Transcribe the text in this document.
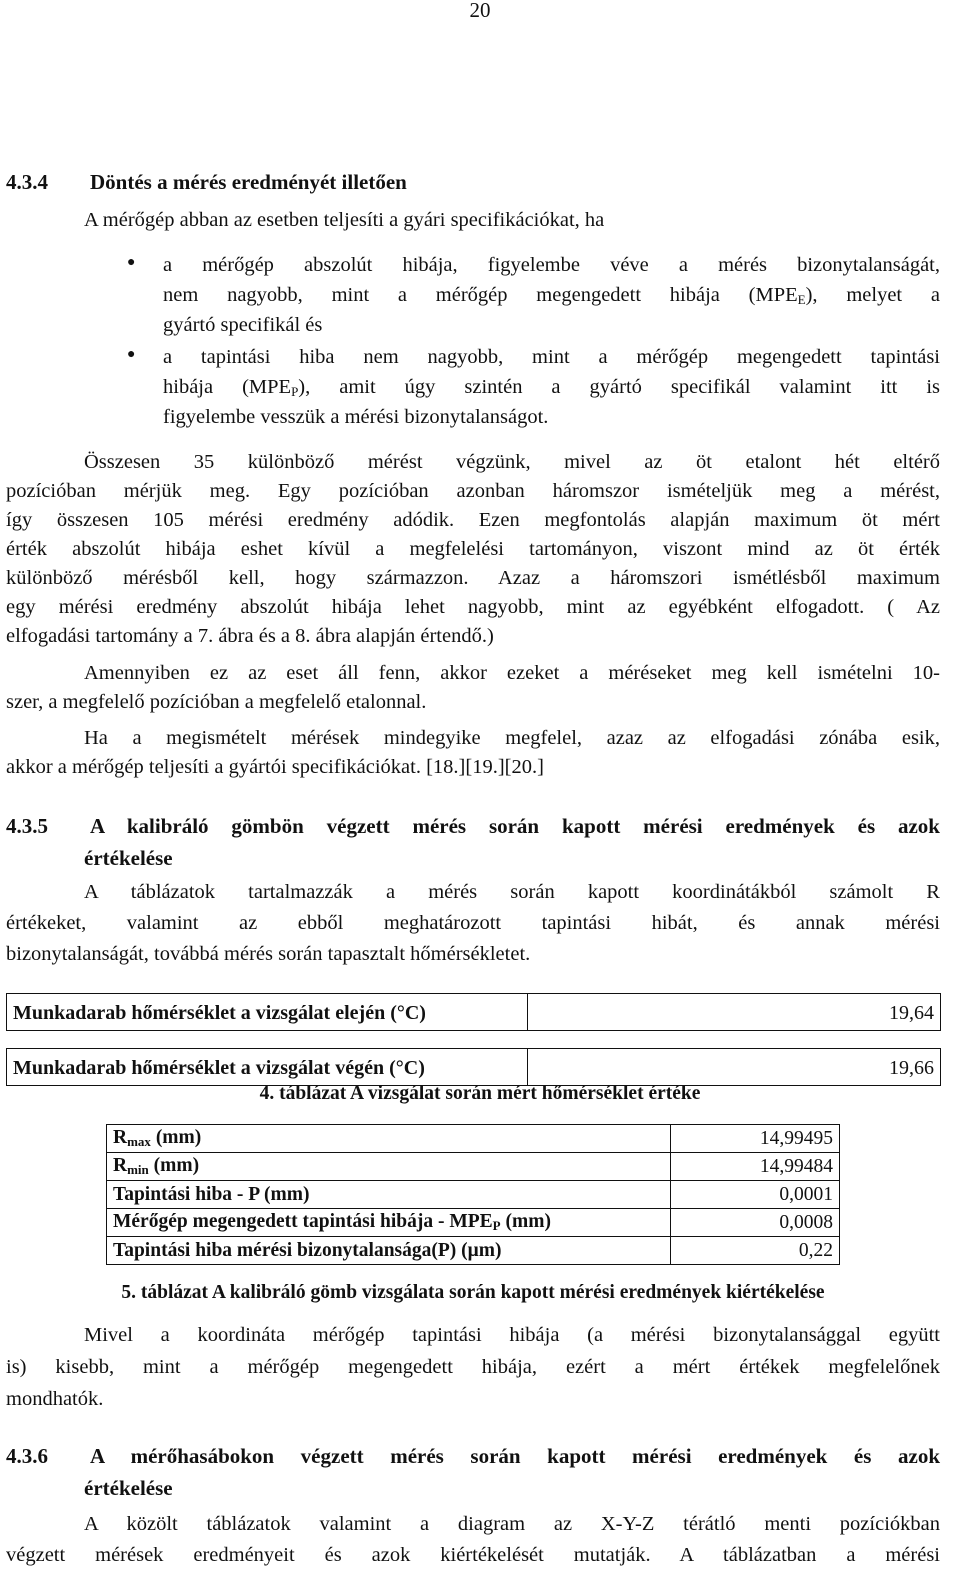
20
4.3.4 Döntés a mérés eredményét illetően
A mérőgép abban az esetben teljesíti a gyári specifikációkat, ha
● a mérőgép abszolút hibája, figyelembe véve a mérés bizonytalanságát,
nem nagyobb, mint a mérőgép megengedett hibája $(MPE_E)$, melyet a
gyártó specifikál és
● a tapintási hiba nem nagyobb, mint a mérőgép megengedett tapintási
hibája $(MPE_P)$, amit úgy szintén a gyártó specifikál valamint itt is
figyelembe vesszük a mérési bizonytalanságot.
Összesen 35 különböző mérést végzünk, mivel az öt etalont hét eltérő
pozícióban mérjük meg. Egy pozícióban azonban háromszor ismételjük meg a mérést,
így összesen 105 mérési eredmény adódik. Ezen megfontolás alapján maximum öt mért
érték abszolút hibája eshet kívül a megfelelési tartományon, viszont mind az öt érték
különböző mérésből kell, hogy származzon. Azaz a háromszori ismétlésből maximum
egy mérési eredmény abszolút hibája lehet nagyobb, mint az egyébként elfogadott. ( Az
elfogadási tartomány a 7. ábra és a 8. ábra alapján értendő.)
Amennyiben ez az eset áll fenn, akkor ezeket a méréseket meg kell ismételni 10-
szer, a megfelelő pozícióban a megfelelő etalonnal.
Ha a megismételt mérések mindegyike megfelel, azaz az elfogadási zónába esik,
akkor a mérőgép teljesíti a gyártói specifikációkat. [18.][19.][20.]
4.3.5 A kalibráló gömbön végzett mérés során kapott mérési eredmények és azok
értékelése
A táblázatok tartalmazzák a mérés során kapott koordinátákból számolt R
értékeket, valamint az ebből meghatározott tapintási hibát, és annak mérési
bizonytalanságát, továbbá mérés során tapasztalt hőmérsékletet.
Munkadarab hőmérséklet a vizsgálat elején (°C)	19,64
Munkadarab hőmérséklet a vizsgálat végén (°C)	19,66
4. táblázat A vizsgálat során mért hőmérséklet értéke
$R_{max}$ (mm)	14,99495
$R_{min}$ (mm)	14,99484
Tapintási hiba - P (mm)	0,0001
Mérőgép megengedett tapintási hibája - $MPE_P$ (mm)	0,0008
Tapintási hiba mérési bizonytalansága(P) (μm)	0,22
5. táblázat A kalibráló gömb vizsgálata során kapott mérési eredmények kiértékelése
Mivel a koordináta mérőgép tapintási hibája (a mérési bizonytalansággal együtt
is) kisebb, mint a mérőgép megengedett hibája, ezért a mért értékek megfelelőnek
mondhatók.
4.3.6 A mérőhasábokon végzett mérés során kapott mérési eredmények és azok
értékelése
A közölt táblázatok valamint a diagram az X-Y-Z térátló menti pozíciókban
végzett mérések eredményeit és azok kiértékelését mutatják. A táblázatban a mérési
